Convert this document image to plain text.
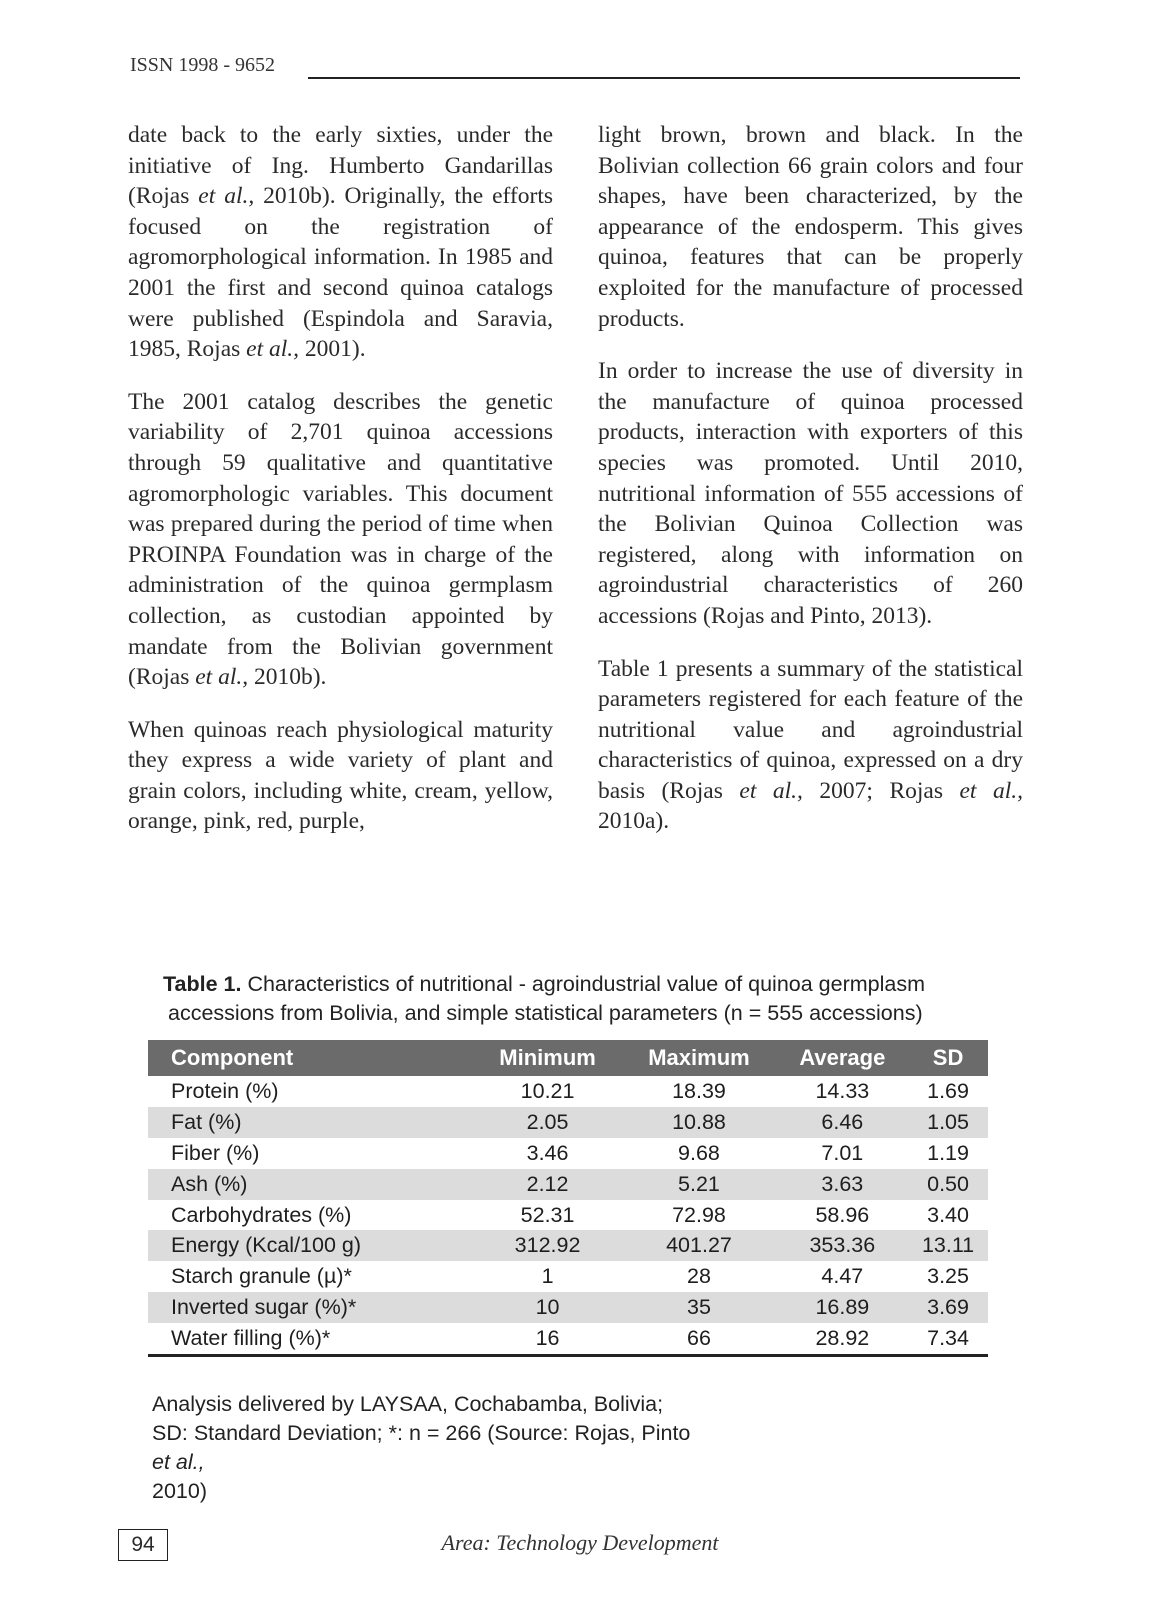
ISSN 1998 - 9652

date back to the early sixties, under the initiative of Ing. Humberto Gandarillas (Rojas et al., 2010b). Originally, the efforts focused on the registration of agromorphological information. In 1985 and 2001 the first and second quinoa catalogs were published (Espindola and Saravia, 1985, Rojas et al., 2001).

The 2001 catalog describes the genetic variability of 2,701 quinoa accessions through 59 qualitative and quantitative agromorphologic variables. This document was prepared during the period of time when PROINPA Foundation was in charge of the administration of the quinoa germplasm collection, as custodian appointed by mandate from the Bolivian government (Rojas et al., 2010b).

When quinoas reach physiological maturity they express a wide variety of plant and grain colors, including white, cream, yellow, orange, pink, red, purple,

light brown, brown and black. In the Bolivian collection 66 grain colors and four shapes, have been characterized, by the appearance of the endosperm. This gives quinoa, features that can be properly exploited for the manufacture of processed products.

In order to increase the use of diversity in the manufacture of quinoa processed products, interaction with exporters of this species was promoted. Until 2010, nutritional information of 555 accessions of the Bolivian Quinoa Collection was registered, along with information on agroindustrial characteristics of 260 accessions (Rojas and Pinto, 2013).

Table 1 presents a summary of the statistical parameters registered for each feature of the nutritional value and agroindustrial characteristics of quinoa, expressed on a dry basis (Rojas et al., 2007; Rojas et al., 2010a).

Table 1. Characteristics of nutritional - agroindustrial value of quinoa germplasm
accessions from Bolivia, and simple statistical parameters (n = 555 accessions)
Component	Minimum	Maximum	Average	SD
Protein (%)	10.21	18.39	14.33	1.69
Fat (%)	2.05	10.88	6.46	1.05
Fiber (%)	3.46	9.68	7.01	1.19
Ash (%)	2.12	5.21	3.63	0.50
Carbohydrates (%)	52.31	72.98	58.96	3.40
Energy (Kcal/100 g)	312.92	401.27	353.36	13.11
Starch granule (µ)*	1	28	4.47	3.25
Inverted sugar (%)*	10	35	16.89	3.69
Water filling (%)*	16	66	28.92	7.34
Analysis delivered by LAYSAA, Cochabamba, Bolivia;
SD: Standard Deviation; *: n = 266 (Source: Rojas, Pinto
et al.,
2010)
94	Area: Technology Development
